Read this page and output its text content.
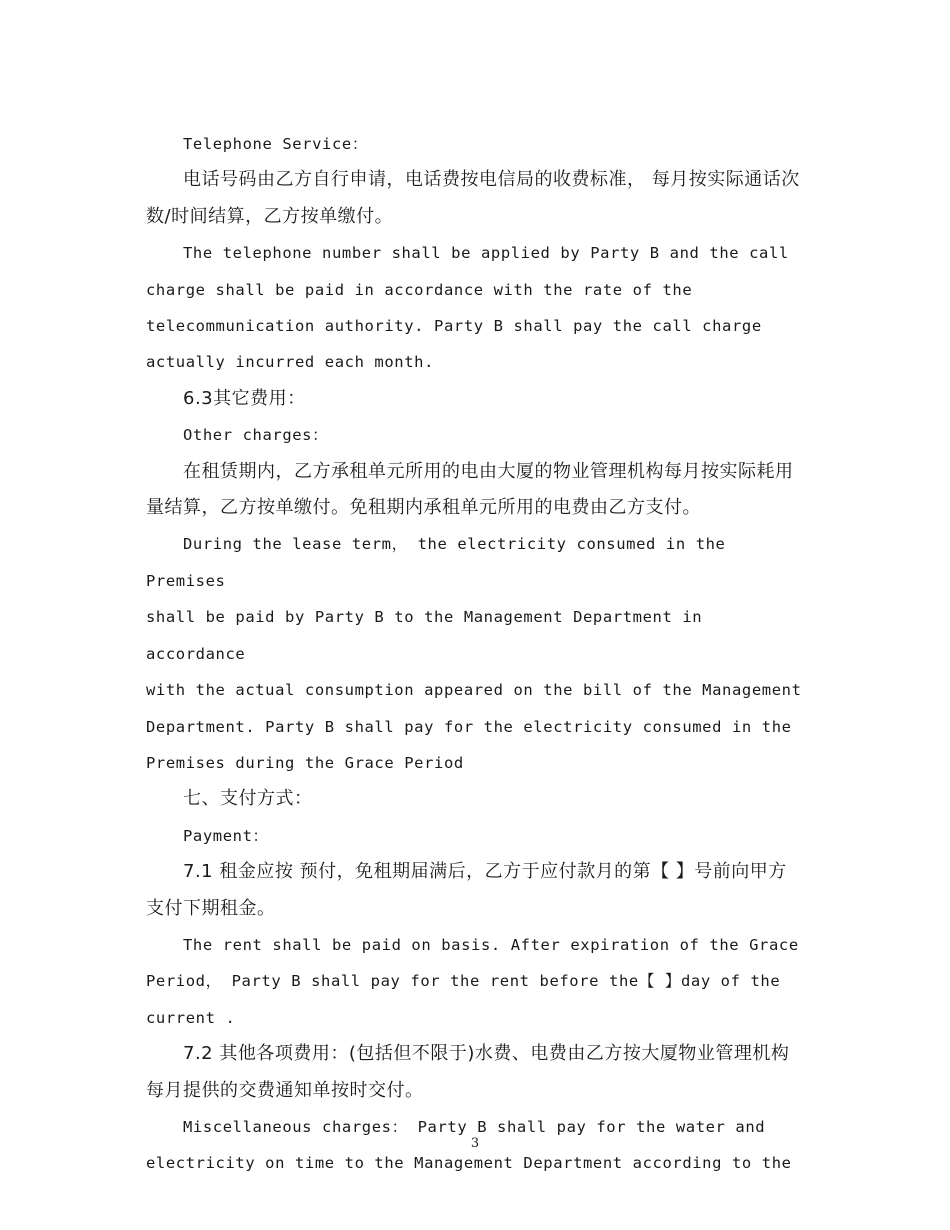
Telephone Service：

电话号码由乙方自行申请，电话费按电信局的收费标准， 每月按实际通话次
数/时间结算，乙方按单缴付。

The telephone number shall be applied by Party B and the call
charge shall be paid in accordance with the rate of the
telecommunication authority. Party B shall pay the call charge
actually incurred each month.

6.3其它费用：

Other charges：

在租赁期内，乙方承租单元所用的电由大厦的物业管理机构每月按实际耗用
量结算，乙方按单缴付。免租期内承租单元所用的电费由乙方支付。

During the lease term， the electricity consumed in the Premises
shall be paid by Party B to the Management Department in accordance
with the actual consumption appeared on the bill of the Management
Department. Party B shall pay for the electricity consumed in the
Premises during the Grace Period

七、支付方式：

Payment：

7.1 租金应按 预付，免租期届满后，乙方于应付款月的第【 】号前向甲方
支付下期租金。

The rent shall be paid on basis. After expiration of the Grace
Period， Party B shall pay for the rent before the【 】day of the
current .

7.2 其他各项费用：(包括但不限于)水费、电费由乙方按大厦物业管理机构
每月提供的交费通知单按时交付。

Miscellaneous charges： Party B shall pay for the water and
electricity on time to the Management Department according to the

3
